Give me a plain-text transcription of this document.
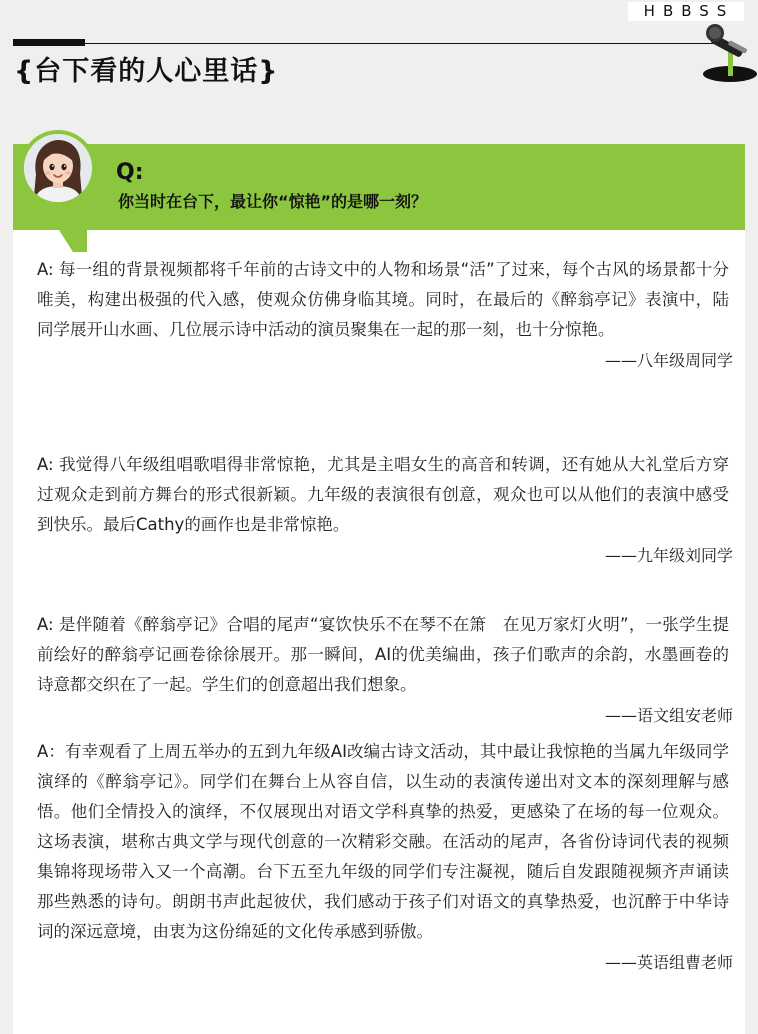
HBBSS
{台下看的人心里话}
Q:
你当时在台下，最让你“惊艳”的是哪一刻？

A: 每一组的背景视频都将千年前的古诗文中的人物和场景“活”了过来，每个古风的场景都十分唯美，构建出极强的代入感，使观众仿佛身临其境。同时，在最后的《醉翁亭记》表演中，陆同学展开山水画、几位展示诗中活动的演员聚集在一起的那一刻，也十分惊艳。

——八年级周同学

A: 我觉得八年级组唱歌唱得非常惊艳，尤其是主唱女生的高音和转调，还有她从大礼堂后方穿过观众走到前方舞台的形式很新颖。九年级的表演很有创意，观众也可以从他们的表演中感受到快乐。最后Cathy的画作也是非常惊艳。

——九年级刘同学

A: 是伴随着《醉翁亭记》合唱的尾声“宴饮快乐不在琴不在箫　在见万家灯火明”，一张学生提前绘好的醉翁亭记画卷徐徐展开。那一瞬间，AI的优美编曲，孩子们歌声的余韵，水墨画卷的诗意都交织在了一起。学生们的创意超出我们想象。

——语文组安老师

A：有幸观看了上周五举办的五到九年级AI改编古诗文活动，其中最让我惊艳的当属九年级同学演绎的《醉翁亭记》。同学们在舞台上从容自信，以生动的表演传递出对文本的深刻理解与感悟。他们全情投入的演绎，不仅展现出对语文学科真挚的热爱，更感染了在场的每一位观众。这场表演，堪称古典文学与现代创意的一次精彩交融。在活动的尾声，各省份诗词代表的视频集锦将现场带入又一个高潮。台下五至九年级的同学们专注凝视，随后自发跟随视频齐声诵读那些熟悉的诗句。朗朗书声此起彼伏，我们感动于孩子们对语文的真挚热爱，也沉醉于中华诗词的深远意境，由衷为这份绵延的文化传承感到骄傲。

——英语组曹老师
